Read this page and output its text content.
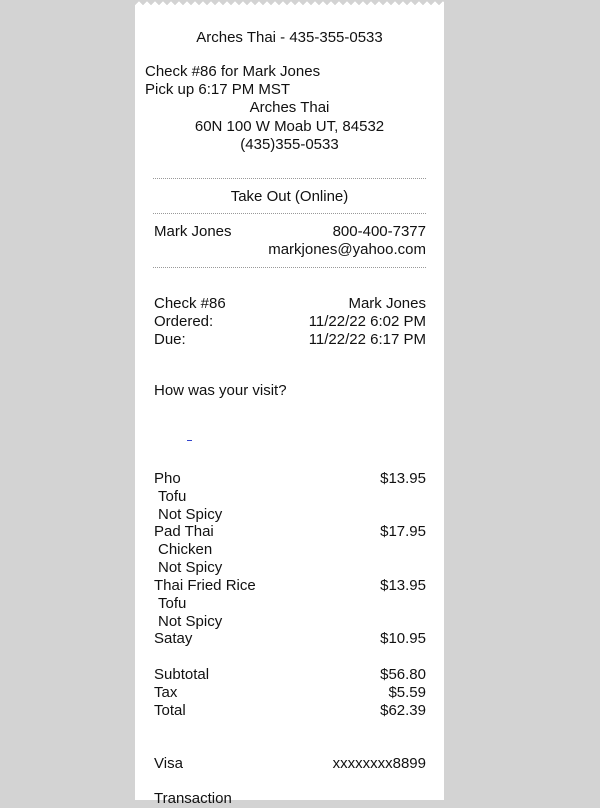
Arches Thai - 435-355-0533
Check #86 for Mark Jones
Pick up 6:17 PM MST
Arches Thai
60N 100 W Moab UT, 84532
(435)355-0533
Take Out (Online)
Mark Jones	800-400-7377
markjones@yahoo.com
Check #86	Mark Jones
Ordered:	11/22/22 6:02 PM
Due:	11/22/22 6:17 PM
How was your visit?
Pho	$13.95
Tofu
Not Spicy
Pad Thai	$17.95
Chicken
Not Spicy
Thai Fried Rice	$13.95
Tofu
Not Spicy
Satay	$10.95
Subtotal	$56.80
Tax	$5.59
Total	$62.39
Visa	xxxxxxxx8899
Transaction
